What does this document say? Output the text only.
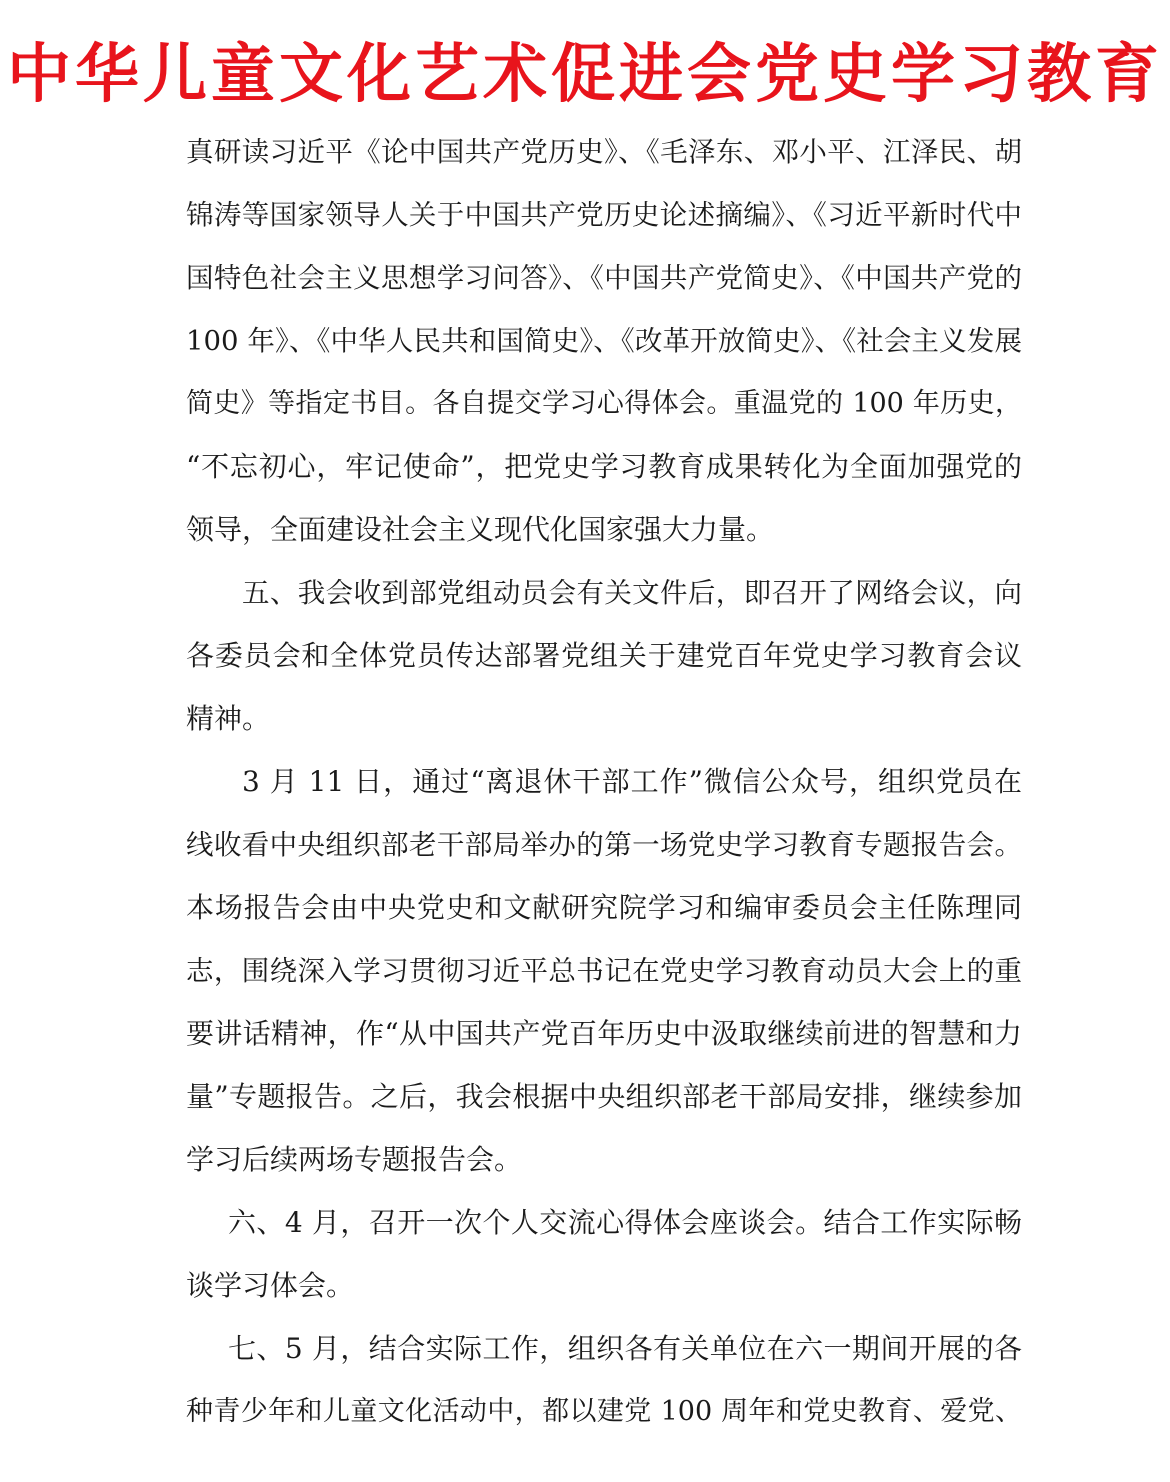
中华儿童文化艺术促进会党史学习教育
真研读习近平《论中国共产党历史》、《毛泽东、邓小平、江泽民、胡
锦涛等国家领导人关于中国共产党历史论述摘编》、《习近平新时代中
国特色社会主义思想学习问答》、《中国共产党简史》、《中国共产党的
100 年》、《中华人民共和国简史》、《改革开放简史》、《社会主义发展
简史》等指定书目。各自提交学习心得体会。重温党的 100 年历史，
“不忘初心，牢记使命”，把党史学习教育成果转化为全面加强党的
领导，全面建设社会主义现代化国家强大力量。
五、我会收到部党组动员会有关文件后，即召开了网络会议，向
各委员会和全体党员传达部署党组关于建党百年党史学习教育会议
精神。
3 月 11 日，通过“离退休干部工作”微信公众号，组织党员在
线收看中央组织部老干部局举办的第一场党史学习教育专题报告会。
本场报告会由中央党史和文献研究院学习和编审委员会主任陈理同
志，围绕深入学习贯彻习近平总书记在党史学习教育动员大会上的重
要讲话精神，作“从中国共产党百年历史中汲取继续前进的智慧和力
量”专题报告。之后，我会根据中央组织部老干部局安排，继续参加
学习后续两场专题报告会。
六、4 月，召开一次个人交流心得体会座谈会。结合工作实际畅
谈学习体会。
七、5 月，结合实际工作，组织各有关单位在六一期间开展的各
种青少年和儿童文化活动中，都以建党 100 周年和党史教育、爱党、
